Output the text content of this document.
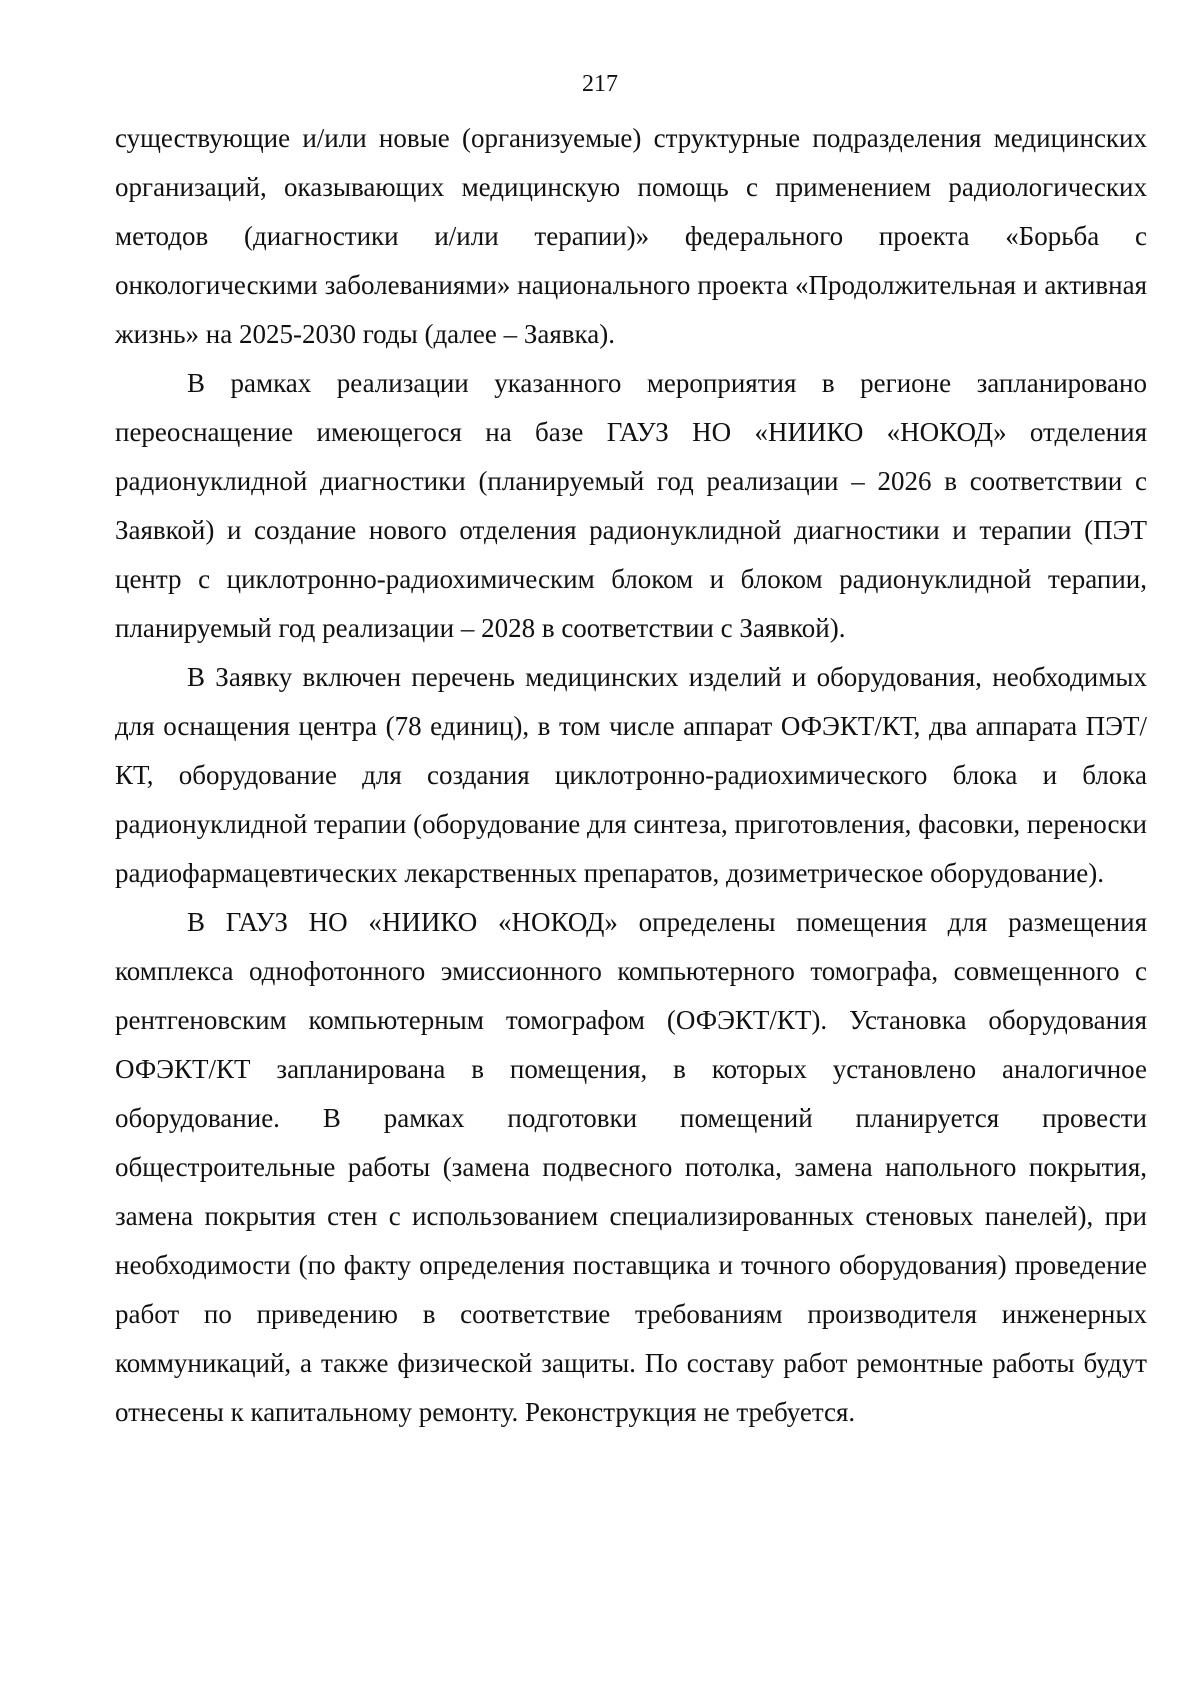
217

существующие и/или новые (организуемые) структурные подразделения медицинских организаций, оказывающих медицинскую помощь с применением радиологических методов (диагностики и/или терапии)» федерального проекта «Борьба с онкологическими заболеваниями» национального проекта «Продолжительная и активная жизнь» на 2025-2030 годы (далее – Заявка).

В рамках реализации указанного мероприятия в регионе запланировано переоснащение имеющегося на базе ГАУЗ НО «НИИКО «НОКОД» отделения радионуклидной диагностики (планируемый год реализации – 2026 в соответствии с Заявкой) и создание нового отделения радионуклидной диагностики и терапии (ПЭТ центр с циклотронно-радиохимическим блоком и блоком радионуклидной терапии, планируемый год реализации – 2028 в соответствии с Заявкой).

В Заявку включен перечень медицинских изделий и оборудования, необходимых для оснащения центра (78 единиц), в том числе аппарат ОФЭКТ/КТ, два аппарата ПЭТ/КТ, оборудование для создания циклотронно-радиохимического блока и блока радионуклидной терапии (оборудование для синтеза, приготовления, фасовки, переноски радиофармацевтических лекарственных препаратов, дозиметрическое оборудование).

В ГАУЗ НО «НИИКО «НОКОД» определены помещения для размещения комплекса однофотонного эмиссионного компьютерного томографа, совмещенного с рентгеновским компьютерным томографом (ОФЭКТ/КТ). Установка оборудования ОФЭКТ/КТ запланирована в помещения, в которых установлено аналогичное оборудование. В рамках подготовки помещений планируется провести общестроительные работы (замена подвесного потолка, замена напольного покрытия, замена покрытия стен с использованием специализированных стеновых панелей), при необходимости (по факту определения поставщика и точного оборудования) проведение работ по приведению в соответствие требованиям производителя инженерных коммуникаций, а также физической защиты. По составу работ ремонтные работы будут отнесены к капитальному ремонту. Реконструкция не требуется.
